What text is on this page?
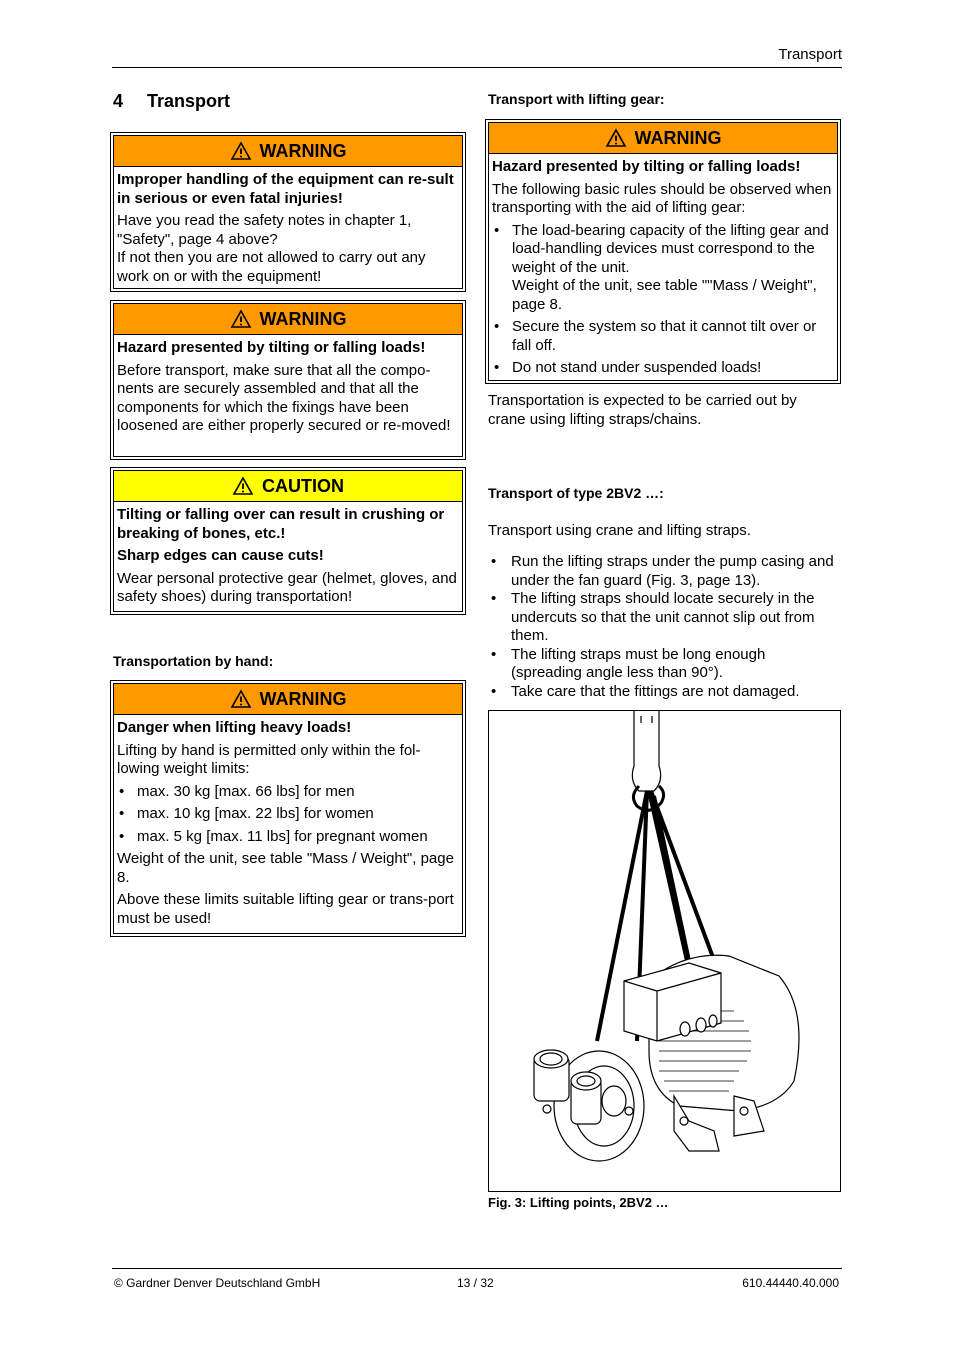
Transport
4 Transport
WARNING

Improper handling of the equipment can re-sult in serious or even fatal injuries!

Have you read the safety notes in chapter 1, "Safety", page 4 above?

If not then you are not allowed to carry out any work on or with the equipment!

WARNING

Hazard presented by tilting or falling loads!

Before transport, make sure that all the compo-nents are securely assembled and that all the components for which the fixings have been loosened are either properly secured or re-moved!

CAUTION

Tilting or falling over can result in crushing or breaking of bones, etc.!

Sharp edges can cause cuts!

Wear personal protective gear (helmet, gloves, and safety shoes) during transportation!

Transportation by hand:
WARNING

Danger when lifting heavy loads!

Lifting by hand is permitted only within the fol-lowing weight limits:

• max. 30 kg [max. 66 lbs] for men
• max. 10 kg [max. 22 lbs] for women
• max. 5 kg [max. 11 lbs] for pregnant women

Weight of the unit, see table "Mass / Weight", page 8.

Above these limits suitable lifting gear or trans-port must be used!

Transport with lifting gear:
WARNING

Hazard presented by tilting or falling loads!

The following basic rules should be observed when transporting with the aid of lifting gear:

• The load-bearing capacity of the lifting gear and load-handling devices must correspond to the weight of the unit.
Weight of the unit, see table ""Mass / Weight", page 8.
• Secure the system so that it cannot tilt over or fall off.
• Do not stand under suspended loads!
Transportation is expected to be carried out by crane using lifting straps/chains.
Transport of type 2BV2 …:
Transport using crane and lifting straps.
• Run the lifting straps under the pump casing and under the fan guard (Fig. 3, page 13).
• The lifting straps should locate securely in the undercuts so that the unit cannot slip out from them.
• The lifting straps must be long enough (spreading angle less than 90°).
• Take care that the fittings are not damaged.
Fig. 3: Lifting points, 2BV2 …
© Gardner Denver Deutschland GmbH	13 / 32	610.44440.40.000
